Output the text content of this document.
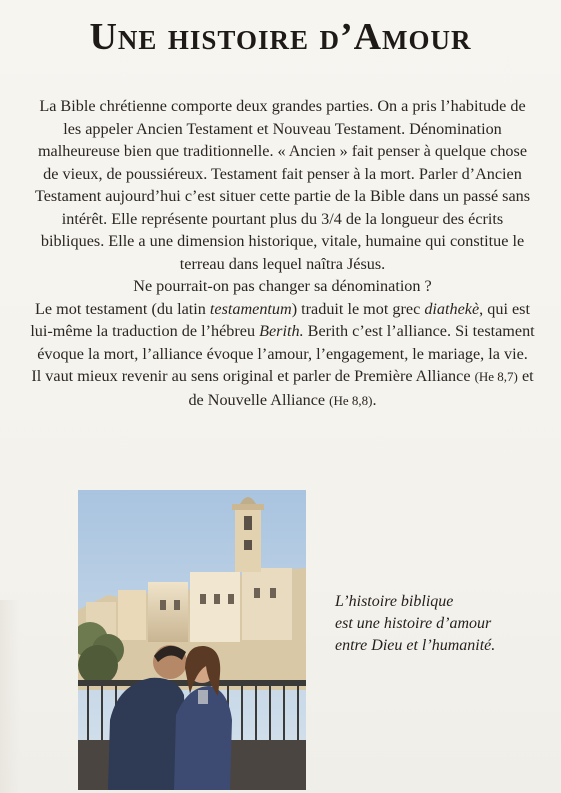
Une histoire d’Amour

La Bible chrétienne comporte deux grandes parties. On a pris l’habitude de les appeler Ancien Testament et Nouveau Testament. Dénomination malheureuse bien que traditionnelle. « Ancien » fait penser à quelque chose de vieux, de poussiéreux. Testament fait penser à la mort. Parler d’Ancien Testament aujourd’hui c’est situer cette partie de la Bible dans un passé sans intérêt. Elle représente pourtant plus du 3/4 de la longueur des écrits bibliques. Elle a une dimension historique, vitale, humaine qui constitue le terreau dans lequel naîtra Jésus.

Ne pourrait-on pas changer sa dénomination ?

Le mot testament (du latin testamentum) traduit le mot grec diathekè, qui est lui-même la traduction de l’hébreu Berith. Berith c’est l’alliance. Si testament évoque la mort, l’alliance évoque l’amour, l’engagement, le mariage, la vie.

Il vaut mieux revenir au sens original et parler de Première Alliance (He 8,7) et de Nouvelle Alliance (He 8,8).

L’histoire biblique
est une histoire d’amour
entre Dieu et l’humanité.
